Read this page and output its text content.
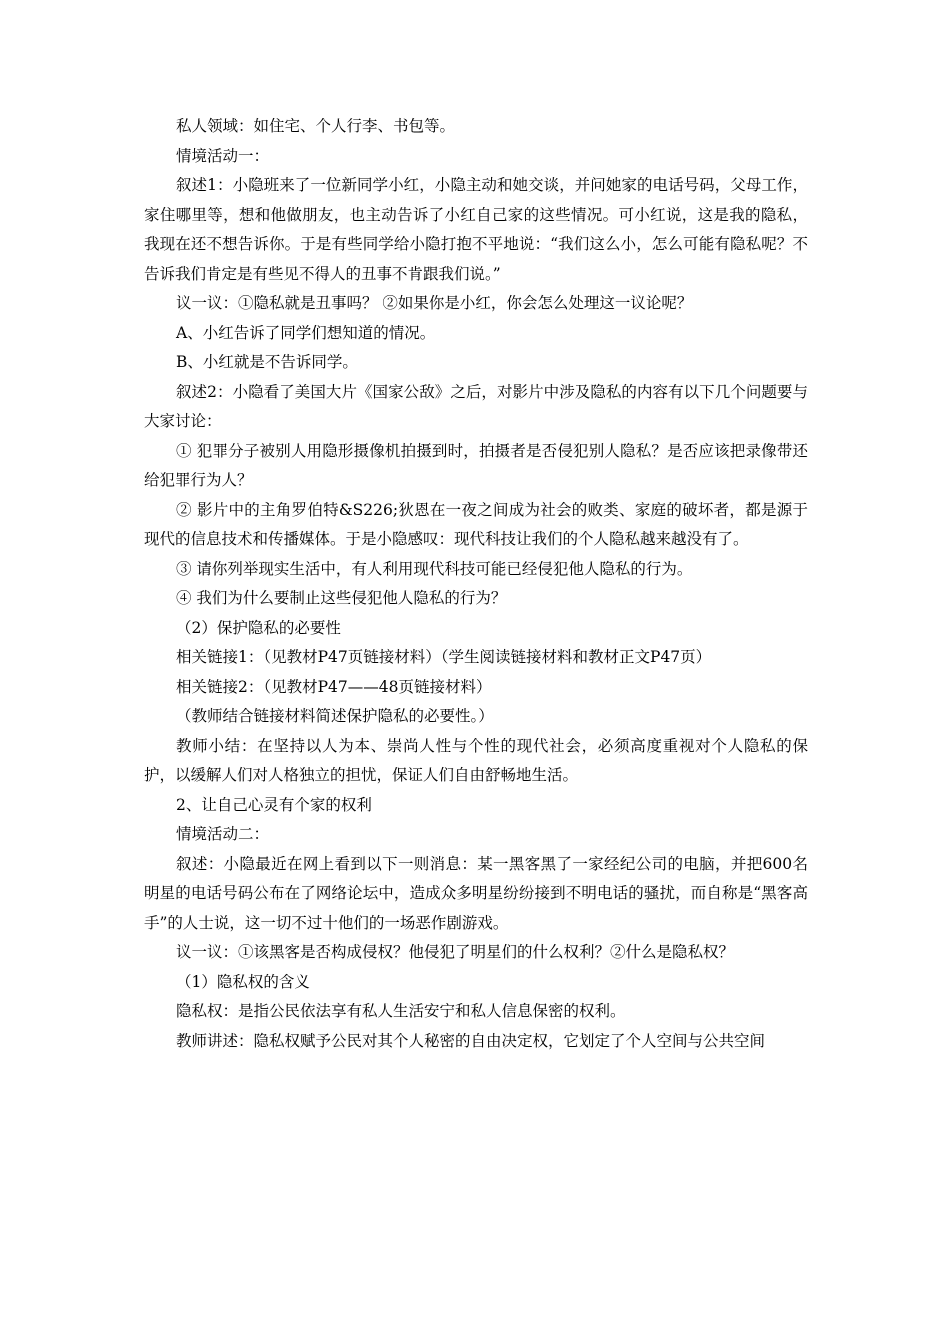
私人领域：如住宅、个人行李、书包等。

情境活动一：

叙述1：小隐班来了一位新同学小红，小隐主动和她交谈，并问她家的电话号码，父母工作，家住哪里等，想和他做朋友，也主动告诉了小红自己家的这些情况。可小红说，这是我的隐私，我现在还不想告诉你。于是有些同学给小隐打抱不平地说：“我们这么小，怎么可能有隐私呢？不告诉我们肯定是有些见不得人的丑事不肯跟我们说。”

议一议：①隐私就是丑事吗？ ②如果你是小红，你会怎么处理这一议论呢？

A、小红告诉了同学们想知道的情况。

B、小红就是不告诉同学。

叙述2：小隐看了美国大片《国家公敌》之后，对影片中涉及隐私的内容有以下几个问题要与大家讨论：

① 犯罪分子被别人用隐形摄像机拍摄到时，拍摄者是否侵犯别人隐私？是否应该把录像带还给犯罪行为人？

② 影片中的主角罗伯特&S226;狄恩在一夜之间成为社会的败类、家庭的破坏者，都是源于现代的信息技术和传播媒体。于是小隐感叹：现代科技让我们的个人隐私越来越没有了。

③ 请你列举现实生活中，有人利用现代科技可能已经侵犯他人隐私的行为。

④ 我们为什么要制止这些侵犯他人隐私的行为？

（2）保护隐私的必要性

相关链接1：（见教材P47页链接材料）（学生阅读链接材料和教材正文P47页）

相关链接2：（见教材P47——48页链接材料）

（教师结合链接材料简述保护隐私的必要性。）

教师小结：在坚持以人为本、崇尚人性与个性的现代社会，必须高度重视对个人隐私的保护，以缓解人们对人格独立的担忧，保证人们自由舒畅地生活。

2、让自己心灵有个家的权利

情境活动二：

叙述：小隐最近在网上看到以下一则消息：某一黑客黑了一家经纪公司的电脑，并把600名明星的电话号码公布在了网络论坛中，造成众多明星纷纷接到不明电话的骚扰，而自称是“黑客高手”的人士说，这一切不过十他们的一场恶作剧游戏。

议一议：①该黑客是否构成侵权？他侵犯了明星们的什么权利？②什么是隐私权？

（1）隐私权的含义

隐私权：是指公民依法享有私人生活安宁和私人信息保密的权利。

教师讲述：隐私权赋予公民对其个人秘密的自由决定权，它划定了个人空间与公共空间
